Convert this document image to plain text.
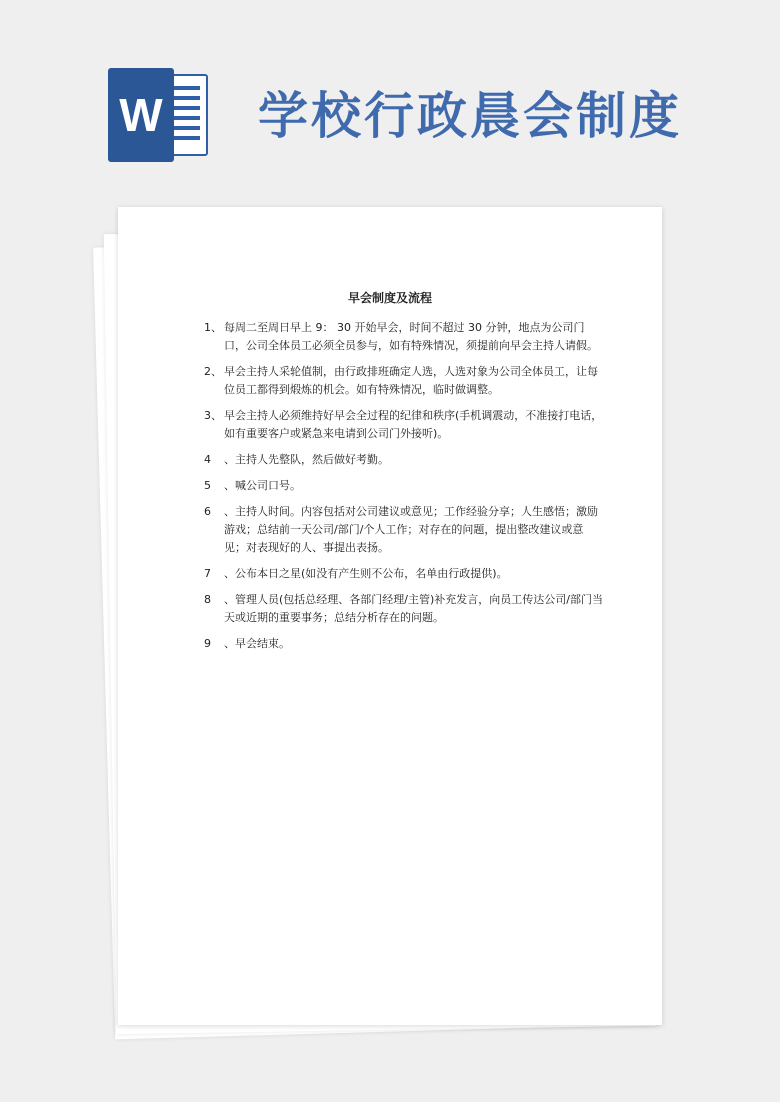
W 学校行政晨会制度
早会制度及流程
1、 每周二至周日早上 9： 30 开始早会，时间不超过 30 分钟，地点为公司门口，公司全体员工必须全员参与，如有特殊情况，须提前向早会主持人请假。
2、 早会主持人采轮值制，由行政排班确定人选，人选对象为公司全体员工，让每位员工都得到煅炼的机会。如有特殊情况，临时做调整。
3、 早会主持人必须维持好早会全过程的纪律和秩序(手机调震动，不准接打电话，如有重要客户或紧急来电请到公司门外接听)。
4 、主持人先整队，然后做好考勤。
5 、喊公司口号。
6 、主持人时间。内容包括对公司建议或意见；工作经验分享；人生感悟；激励游戏；总结前一天公司/部门/个人工作；对存在的问题，提出整改建议或意见；对表现好的人、事提出表扬。
7 、公布本日之星(如没有产生则不公布，名单由行政提供)。
8 、管理人员(包括总经理、各部门经理/主管)补充发言，向员工传达公司/部门当天或近期的重要事务；总结分析存在的问题。
9 、早会结束。
